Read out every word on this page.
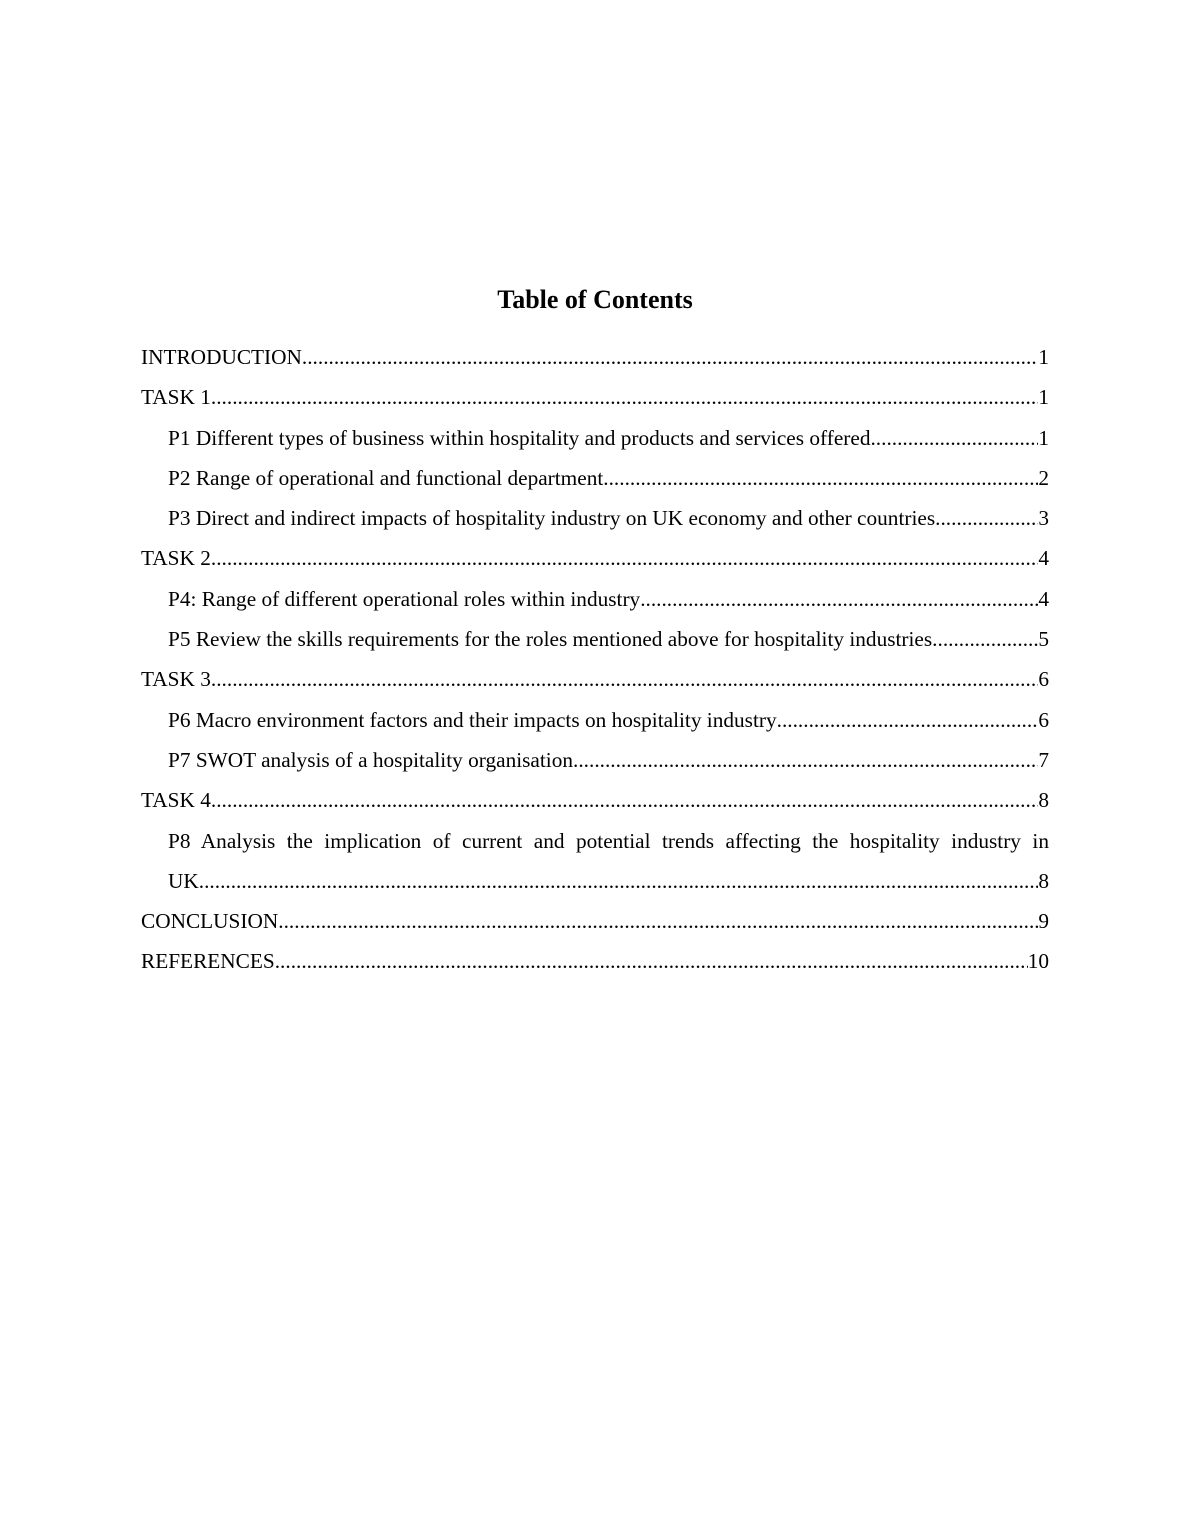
Table of Contents
INTRODUCTION .....	1
TASK 1 .....	1
P1 Different types of business within hospitality and products and services offered .....	1
P2 Range of operational and functional department .....	2
P3 Direct and indirect impacts of hospitality industry on UK economy and other countries .....	3
TASK 2 .....	4
P4: Range of different operational roles within industry .....	4
P5 Review the skills requirements for the roles mentioned above for hospitality industries. .....	5
TASK 3 .....	6
P6 Macro environment factors and their impacts on hospitality industry .....	6
P7 SWOT analysis of a hospitality organisation .....	7
TASK 4 .....	8
P8 Analysis the implication of current and potential trends affecting the hospitality industry in
UK .....	8
CONCLUSION .....	9
REFERENCES .....	10
